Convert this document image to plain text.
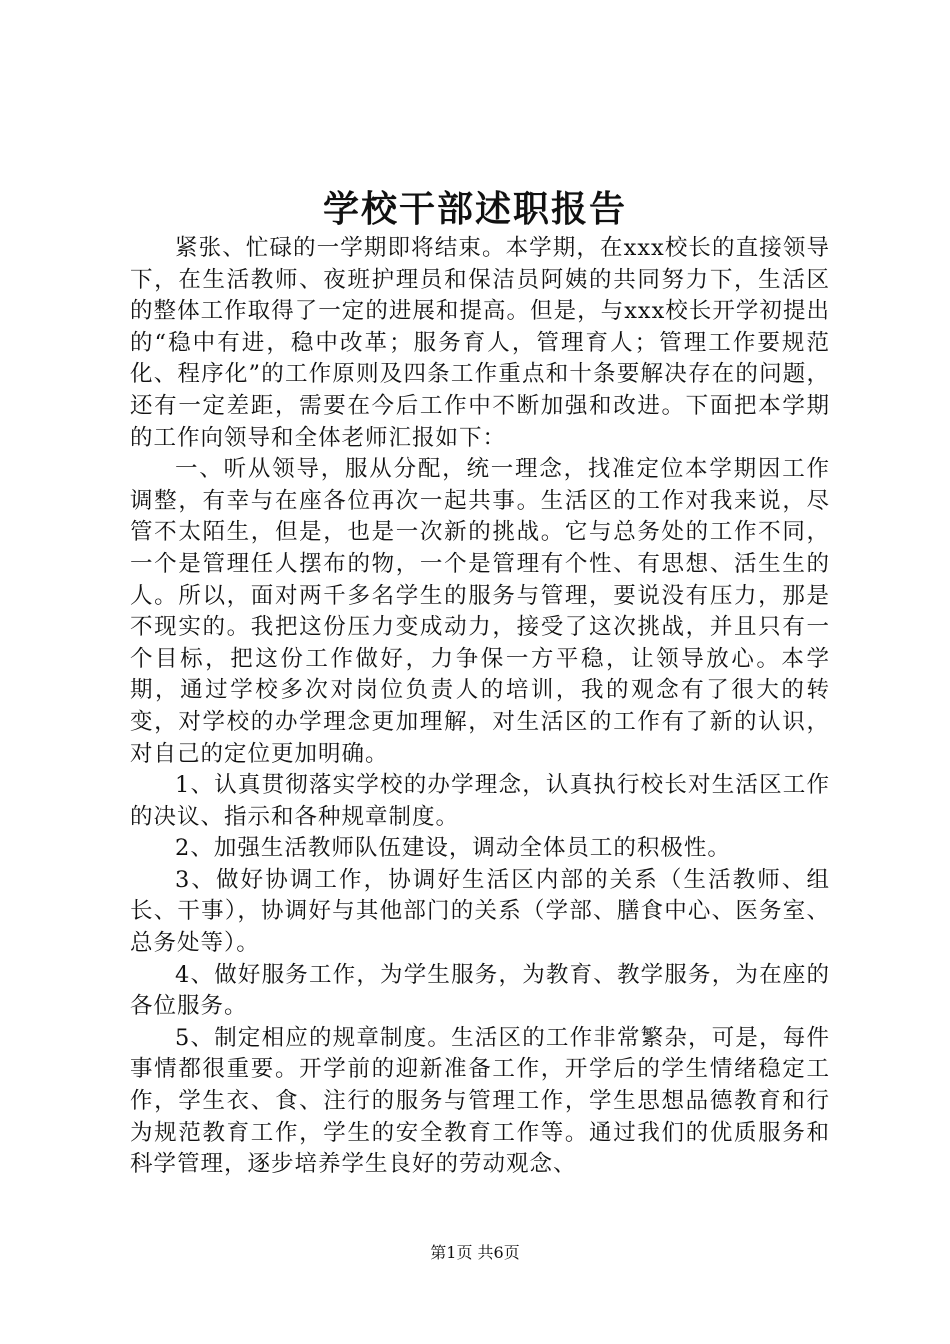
学校干部述职报告

紧张、忙碌的一学期即将结束。本学期，在xxx校长的直接领导下，在生活教师、夜班护理员和保洁员阿姨的共同努力下，生活区的整体工作取得了一定的进展和提高。但是，与xxx校长开学初提出的“稳中有进，稳中改革；服务育人，管理育人；管理工作要规范化、程序化”的工作原则及四条工作重点和十条要解决存在的问题，还有一定差距，需要在今后工作中不断加强和改进。下面把本学期的工作向领导和全体老师汇报如下：

一、听从领导，服从分配，统一理念，找准定位本学期因工作调整，有幸与在座各位再次一起共事。生活区的工作对我来说，尽管不太陌生，但是，也是一次新的挑战。它与总务处的工作不同，一个是管理任人摆布的物，一个是管理有个性、有思想、活生生的人。所以，面对两千多名学生的服务与管理，要说没有压力，那是不现实的。我把这份压力变成动力，接受了这次挑战，并且只有一个目标，把这份工作做好，力争保一方平稳，让领导放心。本学期，通过学校多次对岗位负责人的培训，我的观念有了很大的转变，对学校的办学理念更加理解，对生活区的工作有了新的认识，对自己的定位更加明确。

1、认真贯彻落实学校的办学理念，认真执行校长对生活区工作的决议、指示和各种规章制度。

2、加强生活教师队伍建设，调动全体员工的积极性。

3、做好协调工作，协调好生活区内部的关系（生活教师、组长、干事），协调好与其他部门的关系（学部、膳食中心、医务室、总务处等）。

4、做好服务工作，为学生服务，为教育、教学服务，为在座的各位服务。

5、制定相应的规章制度。生活区的工作非常繁杂，可是，每件事情都很重要。开学前的迎新准备工作，开学后的学生情绪稳定工作，学生衣、食、注行的服务与管理工作，学生思想品德教育和行为规范教育工作，学生的安全教育工作等。通过我们的优质服务和科学管理，逐步培养学生良好的劳动观念、

第1页 共6页
